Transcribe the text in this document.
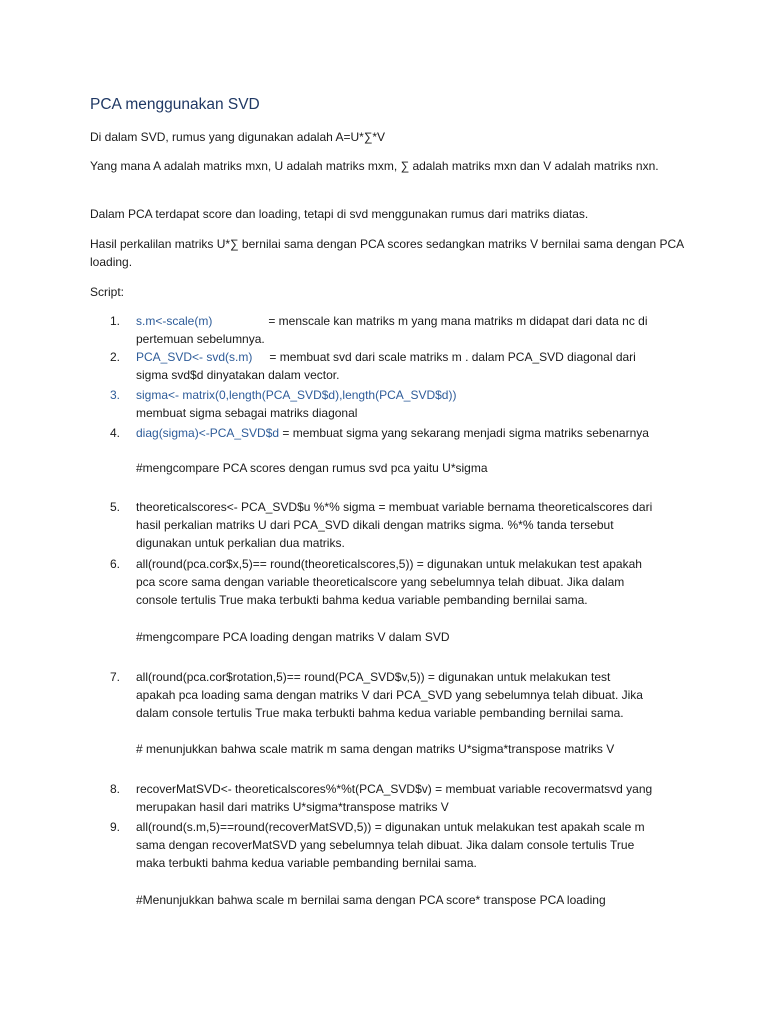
PCA menggunakan SVD
Di dalam SVD, rumus yang digunakan adalah A=U*∑*V
Yang mana A adalah matriks mxn, U adalah matriks mxm, ∑ adalah matriks mxn dan V adalah matriks nxn.
Dalam PCA terdapat score dan loading, tetapi di svd menggunakan rumus dari matriks diatas.
Hasil perkalilan matriks U*∑ bernilai sama dengan PCA scores sedangkan matriks V bernilai sama dengan PCA loading.
Script:
1. s.m<-scale(m)	= menscale kan matriks m yang mana matriks m didapat dari data nc di
pertemuan sebelumnya.
2. PCA_SVD<- svd(s.m) = membuat svd dari scale matriks m . dalam PCA_SVD diagonal dari
sigma svd$d dinyatakan dalam vector.
3. sigma<- matrix(0,length(PCA_SVD$d),length(PCA_SVD$d))
membuat sigma sebagai matriks diagonal
4. diag(sigma)<-PCA_SVD$d = membuat sigma yang sekarang menjadi sigma matriks sebenarnya
#mengcompare PCA scores dengan rumus svd pca yaitu U*sigma
5. theoreticalscores<- PCA_SVD$u %*% sigma = membuat variable bernama theoreticalscores dari
hasil perkalian matriks U dari PCA_SVD dikali dengan matriks sigma. %*% tanda tersebut
digunakan untuk perkalian dua matriks.
6. all(round(pca.cor$x,5)== round(theoreticalscores,5)) = digunakan untuk melakukan test apakah
pca score sama dengan variable theoreticalscore yang sebelumnya telah dibuat. Jika dalam
console tertulis True maka terbukti bahma kedua variable pembanding bernilai sama.
#mengcompare PCA loading dengan matriks V dalam SVD
7. all(round(pca.cor$rotation,5)== round(PCA_SVD$v,5)) = digunakan untuk melakukan test
apakah pca loading sama dengan matriks V dari PCA_SVD yang sebelumnya telah dibuat. Jika
dalam console tertulis True maka terbukti bahma kedua variable pembanding bernilai sama.
# menunjukkan bahwa scale matrik m sama dengan matriks U*sigma*transpose matriks V
8. recoverMatSVD<- theoreticalscores%*%t(PCA_SVD$v) = membuat variable recovermatsvd yang
merupakan hasil dari matriks U*sigma*transpose matriks V
9. all(round(s.m,5)==round(recoverMatSVD,5)) = digunakan untuk melakukan test apakah scale m
sama dengan recoverMatSVD yang sebelumnya telah dibuat. Jika dalam console tertulis True
maka terbukti bahma kedua variable pembanding bernilai sama.
#Menunjukkan bahwa scale m bernilai sama dengan PCA score* transpose PCA loading
